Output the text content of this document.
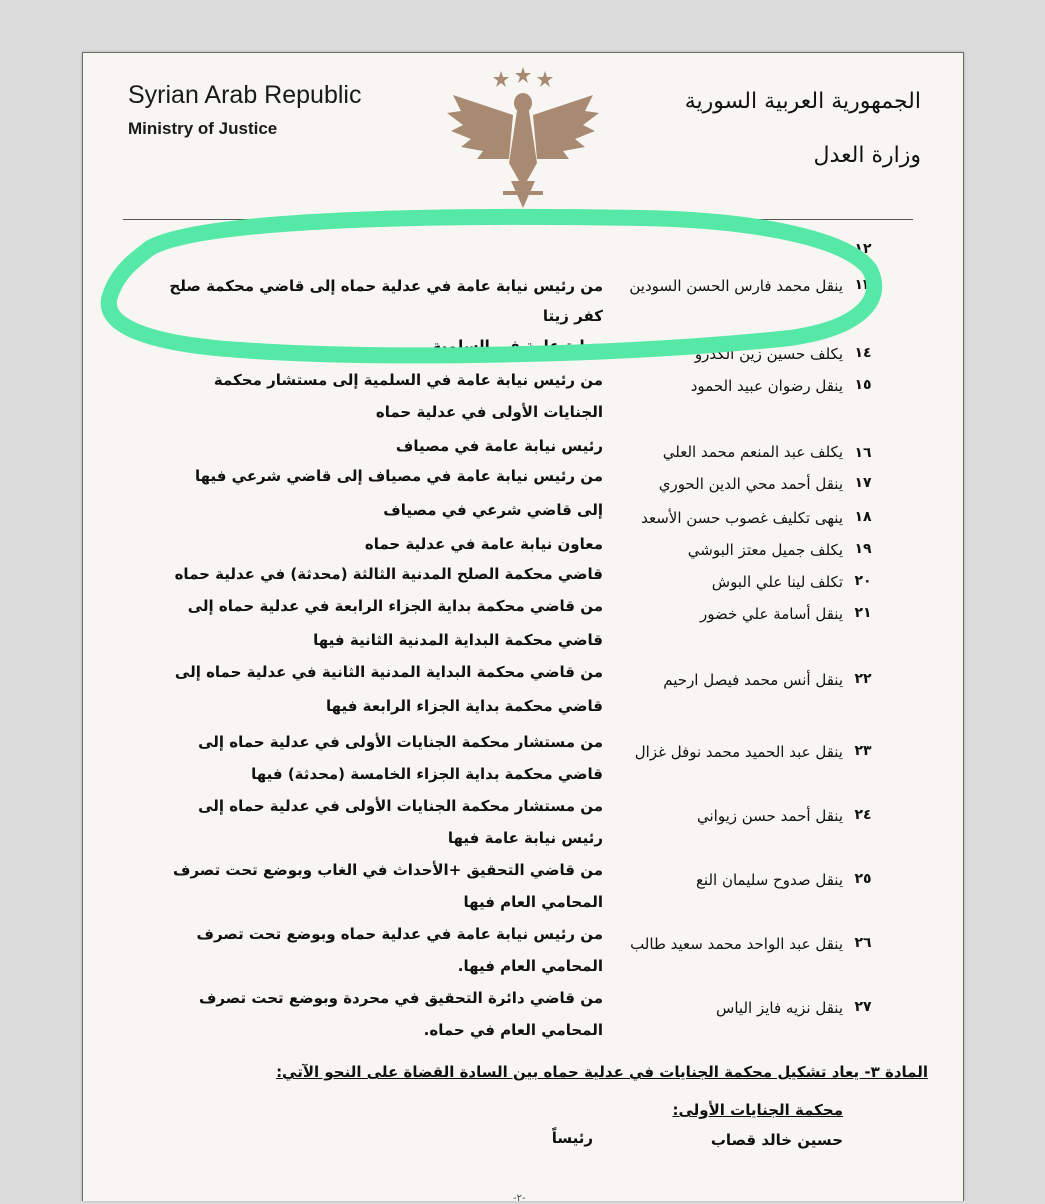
Syrian Arab Republic
Ministry of Justice
الجمهورية العربية السورية
وزارة العدل
١٢
١٣
ينقل محمد فارس الحسن السودين
من رئيس نيابة عامة في عدلية حماه إلى قاضي محكمة صلح
كفر زيتا
١٤
يكلف حسين زين الكدرو
بنيابة عامة في السلمية
١٥
ينقل رضوان عبيد الحمود
من رئيس نيابة عامة في السلمية إلى مستشار محكمة
الجنايات الأولى في عدلية حماه
١٦
يكلف عبد المنعم محمد العلي
رئيس نيابة عامة في مصياف
١٧
ينقل أحمد محي الدين الحوري
من رئيس نيابة عامة في مصياف إلى قاضي شرعي فيها
١٨
ينهى تكليف غصوب حسن الأسعد
إلى قاضي شرعي في مصياف
١٩
يكلف جميل معتز البوشي
معاون نيابة عامة في عدلية حماه
٢٠
تكلف لينا علي البوش
قاضي محكمة الصلح المدنية الثالثة (محدثة) في عدلية حماه
٢١
ينقل أسامة علي خضور
من قاضي محكمة بداية الجزاء الرابعة في عدلية حماه إلى
قاضي محكمة البداية المدنية الثانية فيها
٢٢
ينقل أنس محمد فيصل ارحيم
من قاضي محكمة البداية المدنية الثانية في عدلية حماه إلى
قاضي محكمة بداية الجزاء الرابعة فيها
٢٣
ينقل عبد الحميد محمد نوفل غزال
من مستشار محكمة الجنايات الأولى في عدلية حماه إلى
قاضي محكمة بداية الجزاء الخامسة (محدثة) فيها
٢٤
ينقل أحمد حسن زيواني
من مستشار محكمة الجنايات الأولى في عدلية حماه إلى
رئيس نيابة عامة فيها
٢٥
ينقل صدوح سليمان النع
من قاضي التحقيق +الأحداث في الغاب وبوضع تحت تصرف
المحامي العام فيها
٢٦
ينقل عبد الواحد محمد سعيد طالب
من رئيس نيابة عامة في عدلية حماه وبوضع تحت تصرف
المحامي العام فيها.
٢٧
ينقل نزيه فايز الياس
من قاضي دائرة التحقيق في محردة وبوضع تحت تصرف
المحامي العام في حماه.
المادة ٣- يعاد تشكيل محكمة الجنايات في عدلية حماه بين السادة القضاة على النحو الآتي:
محكمة الجنايات الأولى:
حسين خالد قصاب
رئيساً
-٢-
